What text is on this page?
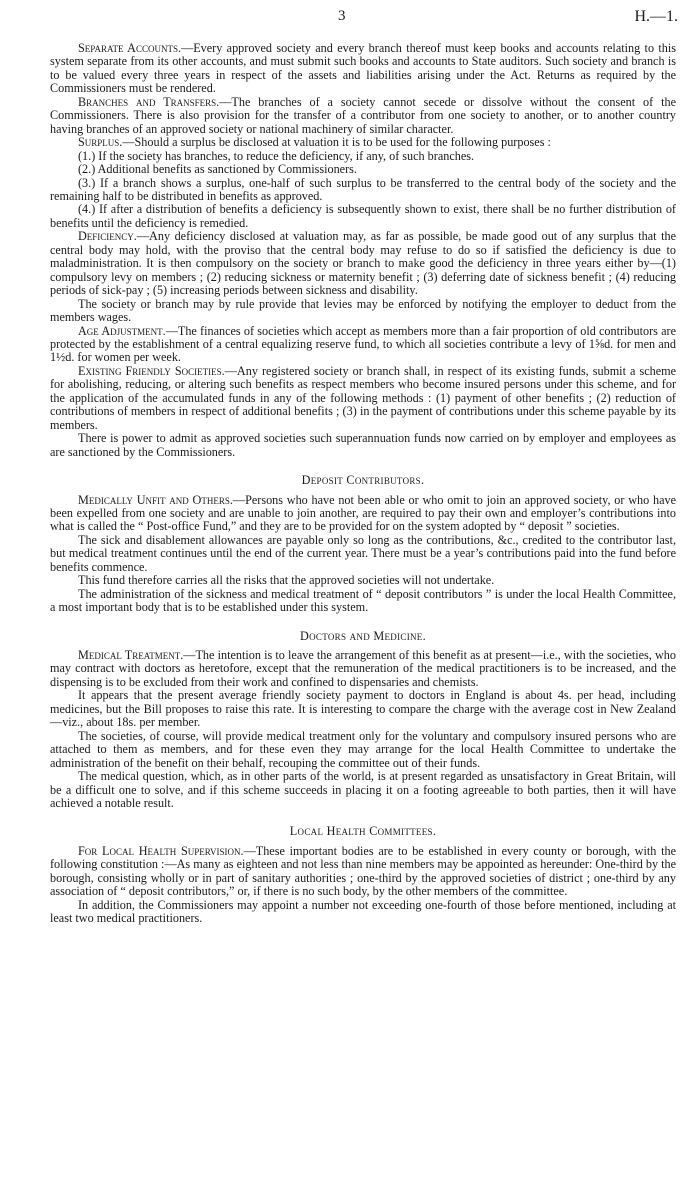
3	H.—1.

Separate Accounts.—Every approved society and every branch thereof must keep books and accounts relating to this system separate from its other accounts, and must submit such books and accounts to State auditors. Such society and branch is to be valued every three years in respect of the assets and liabilities arising under the Act. Returns as required by the Commissioners must be rendered.

Branches and Transfers.—The branches of a society cannot secede or dissolve without the consent of the Commissioners. There is also provision for the transfer of a contributor from one society to another, or to another country having branches of an approved society or national machinery of similar character.

Surplus.—Should a surplus be disclosed at valuation it is to be used for the following purposes :

(1.) If the society has branches, to reduce the deficiency, if any, of such branches.

(2.) Additional benefits as sanctioned by Commissioners.

(3.) If a branch shows a surplus, one-half of such surplus to be transferred to the central body of the society and the remaining half to be distributed in benefits as approved.

(4.) If after a distribution of benefits a deficiency is subsequently shown to exist, there shall be no further distribution of benefits until the deficiency is remedied.

Deficiency.—Any deficiency disclosed at valuation may, as far as possible, be made good out of any surplus that the central body may hold, with the proviso that the central body may refuse to do so if satisfied the deficiency is due to maladministration. It is then compulsory on the society or branch to make good the deficiency in three years either by—(1) compulsory levy on members ; (2) reducing sickness or maternity benefit ; (3) deferring date of sickness benefit ; (4) reducing periods of sick-pay ; (5) increasing periods between sickness and disability.

The society or branch may by rule provide that levies may be enforced by notifying the employer to deduct from the members wages.

Age Adjustment.—The finances of societies which accept as members more than a fair proportion of old contributors are protected by the establishment of a central equalizing reserve fund, to which all societies contribute a levy of 1⅝d. for men and 1½d. for women per week.

Existing Friendly Societies.—Any registered society or branch shall, in respect of its existing funds, submit a scheme for abolishing, reducing, or altering such benefits as respect members who become insured persons under this scheme, and for the application of the accumulated funds in any of the following methods : (1) payment of other benefits ; (2) reduction of contributions of members in respect of additional benefits ; (3) in the payment of contributions under this scheme payable by its members.

There is power to admit as approved societies such superannuation funds now carried on by employer and employees as are sanctioned by the Commissioners.

Deposit Contributors.

Medically Unfit and Others.—Persons who have not been able or who omit to join an approved society, or who have been expelled from one society and are unable to join another, are required to pay their own and employer’s contributions into what is called the “ Post-office Fund,” and they are to be provided for on the system adopted by “ deposit ” societies.

The sick and disablement allowances are payable only so long as the contributions, &c., credited to the contributor last, but medical treatment continues until the end of the current year. There must be a year’s contributions paid into the fund before benefits commence.

This fund therefore carries all the risks that the approved societies will not undertake.

The administration of the sickness and medical treatment of “ deposit contributors ” is under the local Health Committee, a most important body that is to be established under this system.

Doctors and Medicine.

Medical Treatment.—The intention is to leave the arrangement of this benefit as at present—i.e., with the societies, who may contract with doctors as heretofore, except that the remuneration of the medical practitioners is to be increased, and the dispensing is to be excluded from their work and confined to dispensaries and chemists.

It appears that the present average friendly society payment to doctors in England is about 4s. per head, including medicines, but the Bill proposes to raise this rate. It is interesting to compare the charge with the average cost in New Zealand—viz., about 18s. per member.

The societies, of course, will provide medical treatment only for the voluntary and compulsory insured persons who are attached to them as members, and for these even they may arrange for the local Health Committee to undertake the administration of the benefit on their behalf, recouping the committee out of their funds.

The medical question, which, as in other parts of the world, is at present regarded as unsatisfactory in Great Britain, will be a difficult one to solve, and if this scheme succeeds in placing it on a footing agreeable to both parties, then it will have achieved a notable result.

Local Health Committees.

For Local Health Supervision.—These important bodies are to be established in every county or borough, with the following constitution :—As many as eighteen and not less than nine members may be appointed as hereunder: One-third by the borough, consisting wholly or in part of sanitary authorities ; one-third by the approved societies of district ; one-third by any association of “ deposit contributors,” or, if there is no such body, by the other members of the committee.

In addition, the Commissioners may appoint a number not exceeding one-fourth of those before mentioned, including at least two medical practitioners.
